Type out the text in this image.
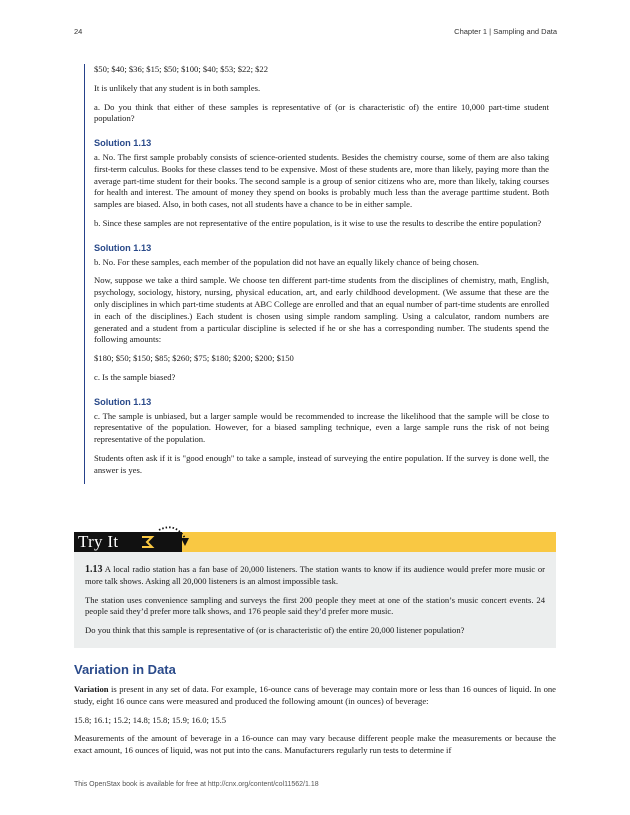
24	Chapter 1 | Sampling and Data

$50; $40; $36; $15; $50; $100; $40; $53; $22; $22

It is unlikely that any student is in both samples.

a. Do you think that either of these samples is representative of (or is characteristic of) the entire 10,000 part-time student population?

Solution 1.13

a. No. The first sample probably consists of science-oriented students. Besides the chemistry course, some of them are also taking first-term calculus. Books for these classes tend to be expensive. Most of these students are, more than likely, paying more than the average part-time student for their books. The second sample is a group of senior citizens who are, more than likely, taking courses for health and interest. The amount of money they spend on books is probably much less than the average parttime student. Both samples are biased. Also, in both cases, not all students have a chance to be in either sample.

b. Since these samples are not representative of the entire population, is it wise to use the results to describe the entire population?

Solution 1.13

b. No. For these samples, each member of the population did not have an equally likely chance of being chosen.

Now, suppose we take a third sample. We choose ten different part-time students from the disciplines of chemistry, math, English, psychology, sociology, history, nursing, physical education, art, and early childhood development. (We assume that these are the only disciplines in which part-time students at ABC College are enrolled and that an equal number of part-time students are enrolled in each of the disciplines.) Each student is chosen using simple random sampling. Using a calculator, random numbers are generated and a student from a particular discipline is selected if he or she has a corresponding number. The students spend the following amounts:

$180; $50; $150; $85; $260; $75; $180; $200; $200; $150

c. Is the sample biased?

Solution 1.13

c. The sample is unbiased, but a larger sample would be recommended to increase the likelihood that the sample will be close to representative of the population. However, for a biased sampling technique, even a large sample runs the risk of not being representative of the population.

Students often ask if it is "good enough" to take a sample, instead of surveying the entire population. If the survey is done well, the answer is yes.

Try It

1.13 A local radio station has a fan base of 20,000 listeners. The station wants to know if its audience would prefer more music or more talk shows. Asking all 20,000 listeners is an almost impossible task.

The station uses convenience sampling and surveys the first 200 people they meet at one of the station’s music concert events. 24 people said they’d prefer more talk shows, and 176 people said they’d prefer more music.

Do you think that this sample is representative of (or is characteristic of) the entire 20,000 listener population?

Variation in Data

Variation is present in any set of data. For example, 16-ounce cans of beverage may contain more or less than 16 ounces of liquid. In one study, eight 16 ounce cans were measured and produced the following amount (in ounces) of beverage:

15.8; 16.1; 15.2; 14.8; 15.8; 15.9; 16.0; 15.5

Measurements of the amount of beverage in a 16-ounce can may vary because different people make the measurements or because the exact amount, 16 ounces of liquid, was not put into the cans. Manufacturers regularly run tests to determine if

This OpenStax book is available for free at http://cnx.org/content/col11562/1.18
